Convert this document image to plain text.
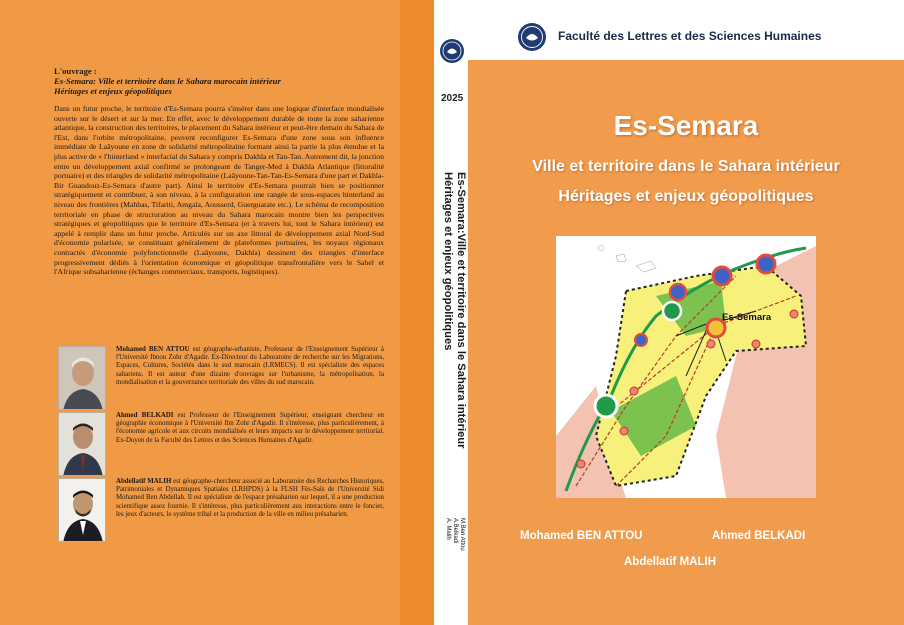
L'ouvrage :
Es-Semara: Ville et territoire dans le Sahara marocain intérieur
Héritages et enjeux géopolitiques

Dans un futur proche, le territoire d'Es-Semara pourra s'insérer dans une logique d'interface mondialisée ouverte sur le désert et sur la mer. En effet, avec le développement durable de toute la zone saharienne atlantique, la construction des territoires, le placement du Sahara intérieur et peut-être demain du Sahara de l'Est, dans l'orbite métropolitaine, peuvent reconfigurer Es-Semara d'une zone sous son influence immédiate de Laâyoune en zone de solidarité métropolitaine formant ainsi la partie la plus étendue et la plus active de « l'hinterland » interfacial du Sahara y compris Dakhla et Tan-Tan. Autrement dit, la jonction entre un développement axial confirmé se prolongeant de Tanger-Med à Dakhla Atlantique (littoralité portuaire) et des triangles de solidarité métropolitaine (Laâyoune-Tan-Tan-Es-Semara d'une part et Dakhla-Bir Guandouz-Es-Semara d'autre part). Ainsi le territoire d'Es-Semara pourrait bien se positionner stratégiquement et contribuer, à son niveau, à la configuration une rangée de sous-espaces hinterland au niveau des frontières (Mahbas, Tifariti, Amgala, Aousserd, Guerguarate etc.). Le schéma de recomposition territoriale en phase de structuration au niveau du Sahara marocain montre bien les perspectives stratégiques et géopolitiques que le territoire d'Es-Semara (et à travers lui, tout le Sahara intérieur) est appelé à remplir dans un futur proche. Articulés sur un axe littoral de développement axial Nord-Sud d'économie polarisée, se constituant généralement de plateformes portuaires, les noyaux régionaux contractés d'économie polyfonctionnelle (Laâyoune, Dakhla) dessinent des triangles d'interface progressivement dédiés à l'orientation économique et géopolitique transfrontalière vers le Sahel et l'Afrique subsaharienne (échanges commerciaux, transports, logistiques).

Mohamed BEN ATTOU est géographe-urbaniste, Professeur de l'Enseignement Supérieur à l'Université Ibnou Zohr d'Agadir. Ex-Directeur du Laboratoire de recherche sur les Migrations, Espaces, Cultures, Sociétés dans le sud marocain (LRMECS). Il est spécialiste des espaces sahariens. Il est auteur d'une dizaine d'ouvrages sur l'urbanisme, la métropolisation, la mondialisation et la gouvernance territoriale des villes du sud marocain.

Ahmed BELKADI est Professeur de l'Enseignement Supérieur, enseignant chercheur en géographie économique à l'Université Ibn Zohr d'Agadir. Il s'intéresse, plus particulièrement, à l'économie agricole et aux circuits mondialisés et leurs impacts sur le développement territorial. Ex-Doyen de la Faculté des Lettres et des Sciences Humaines d'Agadir.

Abdellatif MALIH est géographe-chercheur associé au Laboratoire des Recharches Historiques, Patrimoniales et Dynamiques Spatiales (LRHPDS) à la FLSH Fès-Saïs de l'Université Sidi Mohamed Ben Abdellah. Il est spécialiste de l'espace présaharien sur lequel, il a une production scientifique assez fournie. Il s'intéresse, plus particulièrement aux interactions entre le foncier, les jeux d'acteurs, le système tribal et la production de la ville en milieu présaharien.

2025
Es-Semara:Ville et territoire dans le Sahara intérieur
Héritages et enjeux géopolitiques
M.Ben Attou
A.Belkadi
A. Malih
Faculté des Lettres et des Sciences Humaines
Es-Semara
Ville et territoire dans le Sahara intérieur
Héritages et enjeux géopolitiques
Es-Semara
Mohamed BEN ATTOU	Ahmed BELKADI
Abdellatif MALIH
